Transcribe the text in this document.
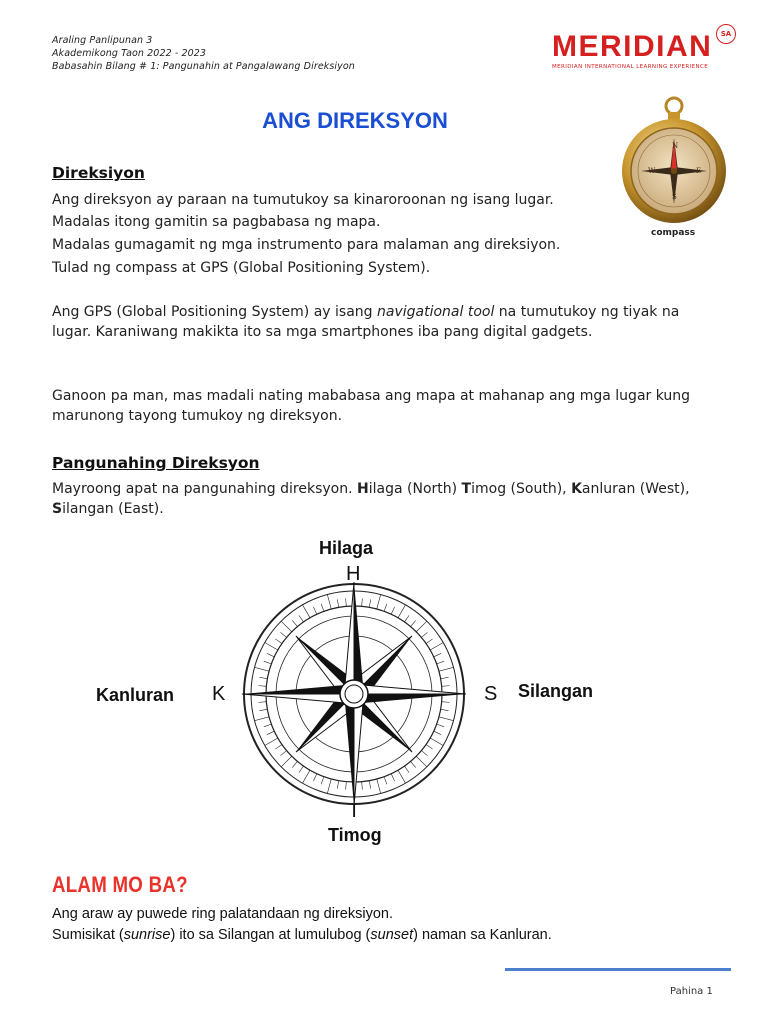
Araling Panlipunan 3
Akademikong Taon 2022 - 2023
Babasahin Bilang # 1: Pangunahin at Pangalawang Direksiyon
MERIDIAN	SA
MERIDIAN INTERNATIONAL LEARNING EXPERIENCE
ANG DIREKSYON
N
W	E
S
compass
Direksiyon
Ang direksyon ay paraan na tumutukoy sa kinaroroonan ng isang lugar.
Madalas itong gamitin sa pagbabasa ng mapa.
Madalas gumagamit ng mga instrumento para malaman ang direksiyon.
Tulad ng compass at GPS (Global Positioning System).
Ang GPS (Global Positioning System) ay isang navigational tool na tumutukoy ng tiyak na lugar. Karaniwang makikta ito sa mga smartphones iba pang digital gadgets.
Ganoon pa man, mas madali nating mababasa ang mapa at mahanap ang mga lugar kung marunong tayong tumukoy ng direksyon.
Pangunahing Direksyon
Mayroong apat na pangunahing direksyon. Hilaga (North) Timog (South), Kanluran (West), Silangan (East).
Hilaga
H
Timog
T
Kanluran K	Silangan
S
ALAM MO BA?
Ang araw ay puwede ring palatandaan ng direksiyon.
Sumisikat (sunrise) ito sa Silangan at lumulubog (sunset) naman sa Kanluran.
Pahina 1
